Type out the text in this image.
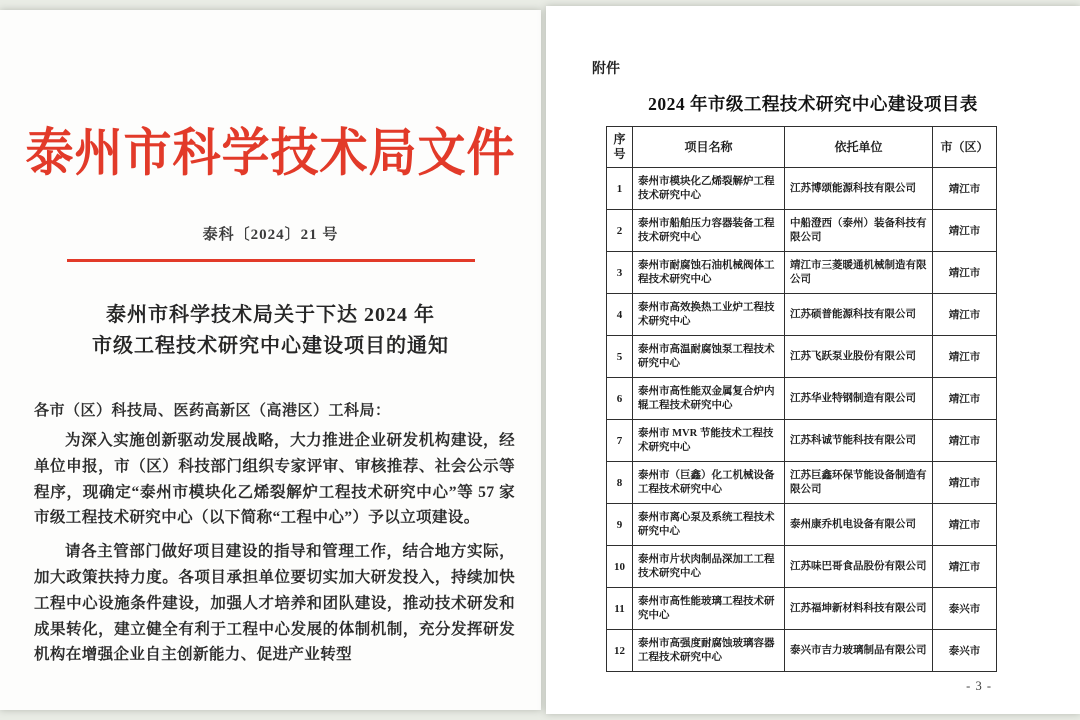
泰州市科学技术局文件
泰科〔2024〕21 号
泰州市科学技术局关于下达 2024 年
市级工程技术研究中心建设项目的通知
各市（区）科技局、医药高新区（高港区）工科局：
为深入实施创新驱动发展战略，大力推进企业研发机构建设，经单位申报，市（区）科技部门组织专家评审、审核推荐、社会公示等程序，现确定“泰州市模块化乙烯裂解炉工程技术研究中心”等 57 家市级工程技术研究中心（以下简称“工程中心”）予以立项建设。
请各主管部门做好项目建设的指导和管理工作，结合地方实际，加大政策扶持力度。各项目承担单位要切实加大研发投入，持续加快工程中心设施条件建设，加强人才培养和团队建设，推动技术研发和成果转化，建立健全有利于工程中心发展的体制机制，充分发挥研发机构在增强企业自主创新能力、促进产业转型
附件
2024 年市级工程技术研究中心建设项目表
序号	项目名称	依托单位	市（区）
1	泰州市模块化乙烯裂解炉工程技术研究中心	江苏博颂能源科技有限公司	靖江市
2	泰州市船舶压力容器装备工程技术研究中心	中船澄西（泰州）装备科技有限公司	靖江市
3	泰州市耐腐蚀石油机械阀体工程技术研究中心	靖江市三菱暖通机械制造有限公司	靖江市
4	泰州市高效换热工业炉工程技术研究中心	江苏硕普能源科技有限公司	靖江市
5	泰州市高温耐腐蚀泵工程技术研究中心	江苏飞跃泵业股份有限公司	靖江市
6	泰州市高性能双金属复合炉内辊工程技术研究中心	江苏华业特钢制造有限公司	靖江市
7	泰州市 MVR 节能技术工程技术研究中心	江苏科诚节能科技有限公司	靖江市
8	泰州市（巨鑫）化工机械设备工程技术研究中心	江苏巨鑫环保节能设备制造有限公司	靖江市
9	泰州市离心泵及系统工程技术研究中心	泰州康乔机电设备有限公司	靖江市
10	泰州市片状肉制品深加工工程技术研究中心	江苏味巴哥食品股份有限公司	靖江市
11	泰州市高性能玻璃工程技术研究中心	江苏福坤新材料科技有限公司	泰兴市
12	泰州市高强度耐腐蚀玻璃容器工程技术研究中心	泰兴市吉力玻璃制品有限公司	泰兴市
- 3 -
